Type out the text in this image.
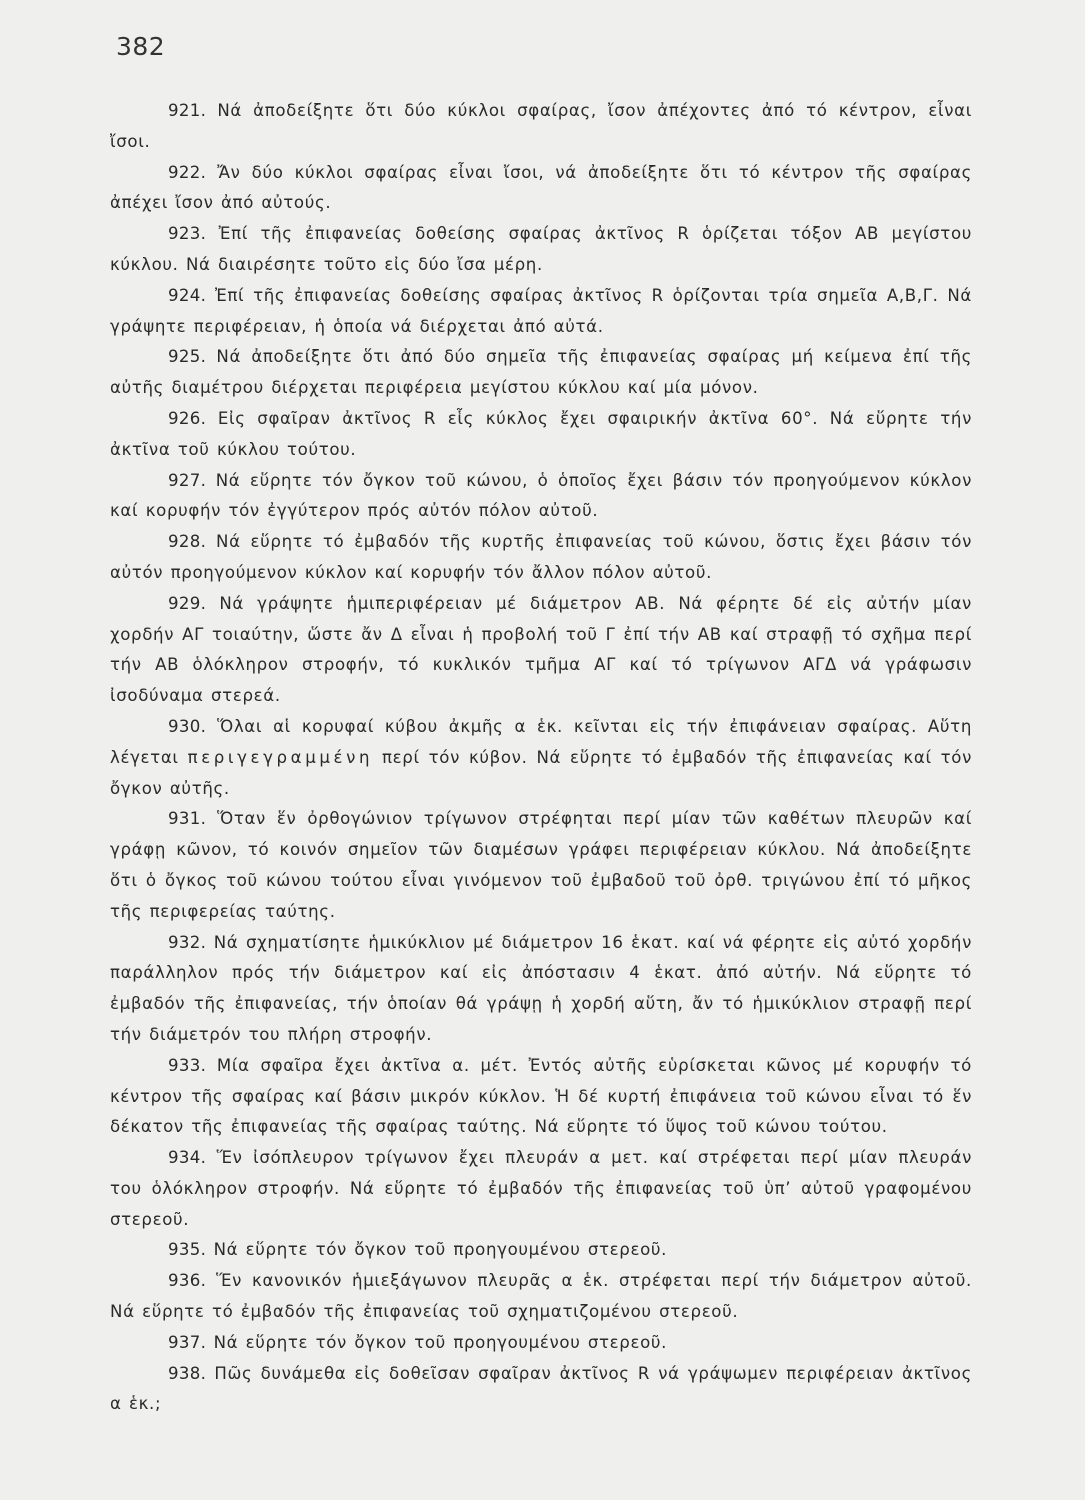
382

921. Νά ἀποδείξητε ὅτι δύο κύκλοι σφαίρας, ἴσον ἀπέχοντες ἀπό τό κέντρον, εἶναι ἴσοι.

922. Ἄν δύο κύκλοι σφαίρας εἶναι ἴσοι, νά ἀποδείξητε ὅτι τό κέντρον τῆς σφαίρας ἀπέχει ἴσον ἀπό αὐτούς.

923. Ἐπί τῆς ἐπιφανείας δοθείσης σφαίρας ἀκτῖνος R ὁρίζεται τόξον ΑΒ μεγίστου κύκλου. Νά διαιρέσητε τοῦτο εἰς δύο ἴσα μέρη.

924. Ἐπί τῆς ἐπιφανείας δοθείσης σφαίρας ἀκτῖνος R ὁρίζονται τρία σημεῖα Α,Β,Γ. Νά γράψητε περιφέρειαν, ἡ ὁποία νά διέρχεται ἀπό αὐτά.

925. Νά ἀποδείξητε ὅτι ἀπό δύο σημεῖα τῆς ἐπιφανείας σφαίρας μή κείμενα ἐπί τῆς αὐτῆς διαμέτρου διέρχεται περιφέρεια μεγίστου κύκλου καί μία μόνον.

926. Εἰς σφαῖραν ἀκτῖνος R εἷς κύκλος ἔχει σφαιρικήν ἀκτῖνα 60°. Νά εὕρητε τήν ἀκτῖνα τοῦ κύκλου τούτου.

927. Νά εὕρητε τόν ὄγκον τοῦ κώνου, ὁ ὁποῖος ἔχει βάσιν τόν προηγούμενον κύκλον καί κορυφήν τόν ἐγγύτερον πρός αὐτόν πόλον αὐτοῦ.

928. Νά εὕρητε τό ἐμβαδόν τῆς κυρτῆς ἐπιφανείας τοῦ κώνου, ὅστις ἔχει βάσιν τόν αὐτόν προηγούμενον κύκλον καί κορυφήν τόν ἄλλον πόλον αὐτοῦ.

929. Νά γράψητε ἡμιπεριφέρειαν μέ διάμετρον ΑΒ. Νά φέρητε δέ εἰς αὐτήν μίαν χορδήν ΑΓ τοιαύτην, ὥστε ἄν Δ εἶναι ἡ προβολή τοῦ Γ ἐπί τήν ΑΒ καί στραφῇ τό σχῆμα περί τήν ΑΒ ὁλόκληρον στροφήν, τό κυκλικόν τμῆμα ΑΓ καί τό τρίγωνον ΑΓΔ νά γράφωσιν ἰσοδύναμα στερεά.

930. Ὅλαι αἱ κορυφαί κύβου ἀκμῆς α ἑκ. κεῖνται εἰς τήν ἐπιφάνειαν σφαίρας. Αὕτη λέγεται περιγεγραμμένη περί τόν κύβον. Νά εὕρητε τό ἐμβαδόν τῆς ἐπιφανείας καί τόν ὄγκον αὐτῆς.

931. Ὅταν ἕν ὀρθογώνιον τρίγωνον στρέφηται περί μίαν τῶν καθέτων πλευρῶν καί γράφῃ κῶνον, τό κοινόν σημεῖον τῶν διαμέσων γράφει περιφέρειαν κύκλου. Νά ἀποδείξητε ὅτι ὁ ὄγκος τοῦ κώνου τούτου εἶναι γινόμενον τοῦ ἐμβαδοῦ τοῦ ὀρθ. τριγώνου ἐπί τό μῆκος τῆς περιφερείας ταύτης.

932. Νά σχηματίσητε ἡμικύκλιον μέ διάμετρον 16 ἑκατ. καί νά φέρητε εἰς αὐτό χορδήν παράλληλον πρός τήν διάμετρον καί εἰς ἀπόστασιν 4 ἑκατ. ἀπό αὐτήν. Νά εὕρητε τό ἐμβαδόν τῆς ἐπιφανείας, τήν ὁποίαν θά γράψῃ ἡ χορδή αὕτη, ἄν τό ἡμικύκλιον στραφῇ περί τήν διάμετρόν του πλήρη στροφήν.

933. Μία σφαῖρα ἔχει ἀκτῖνα α. μέτ. Ἐντός αὐτῆς εὑρίσκεται κῶνος μέ κορυφήν τό κέντρον τῆς σφαίρας καί βάσιν μικρόν κύκλον. Ἡ δέ κυρτή ἐπιφάνεια τοῦ κώνου εἶναι τό ἕν δέκατον τῆς ἐπιφανείας τῆς σφαίρας ταύτης. Νά εὕρητε τό ὕψος τοῦ κώνου τούτου.

934. Ἕν ἰσόπλευρον τρίγωνον ἔχει πλευράν α μετ. καί στρέφεται περί μίαν πλευράν του ὁλόκληρον στροφήν. Νά εὕρητε τό ἐμβαδόν τῆς ἐπιφανείας τοῦ ὑπ’ αὐτοῦ γραφομένου στερεοῦ.

935. Νά εὕρητε τόν ὄγκον τοῦ προηγουμένου στερεοῦ.

936. Ἕν κανονικόν ἡμιεξάγωνον πλευρᾶς α ἑκ. στρέφεται περί τήν διάμετρον αὐτοῦ. Νά εὕρητε τό ἐμβαδόν τῆς ἐπιφανείας τοῦ σχηματιζομένου στερεοῦ.

937. Νά εὕρητε τόν ὄγκον τοῦ προηγουμένου στερεοῦ.

938. Πῶς δυνάμεθα εἰς δοθεῖσαν σφαῖραν ἀκτῖνος R νά γράψωμεν περιφέρειαν ἀκτῖνος α ἑκ.;
